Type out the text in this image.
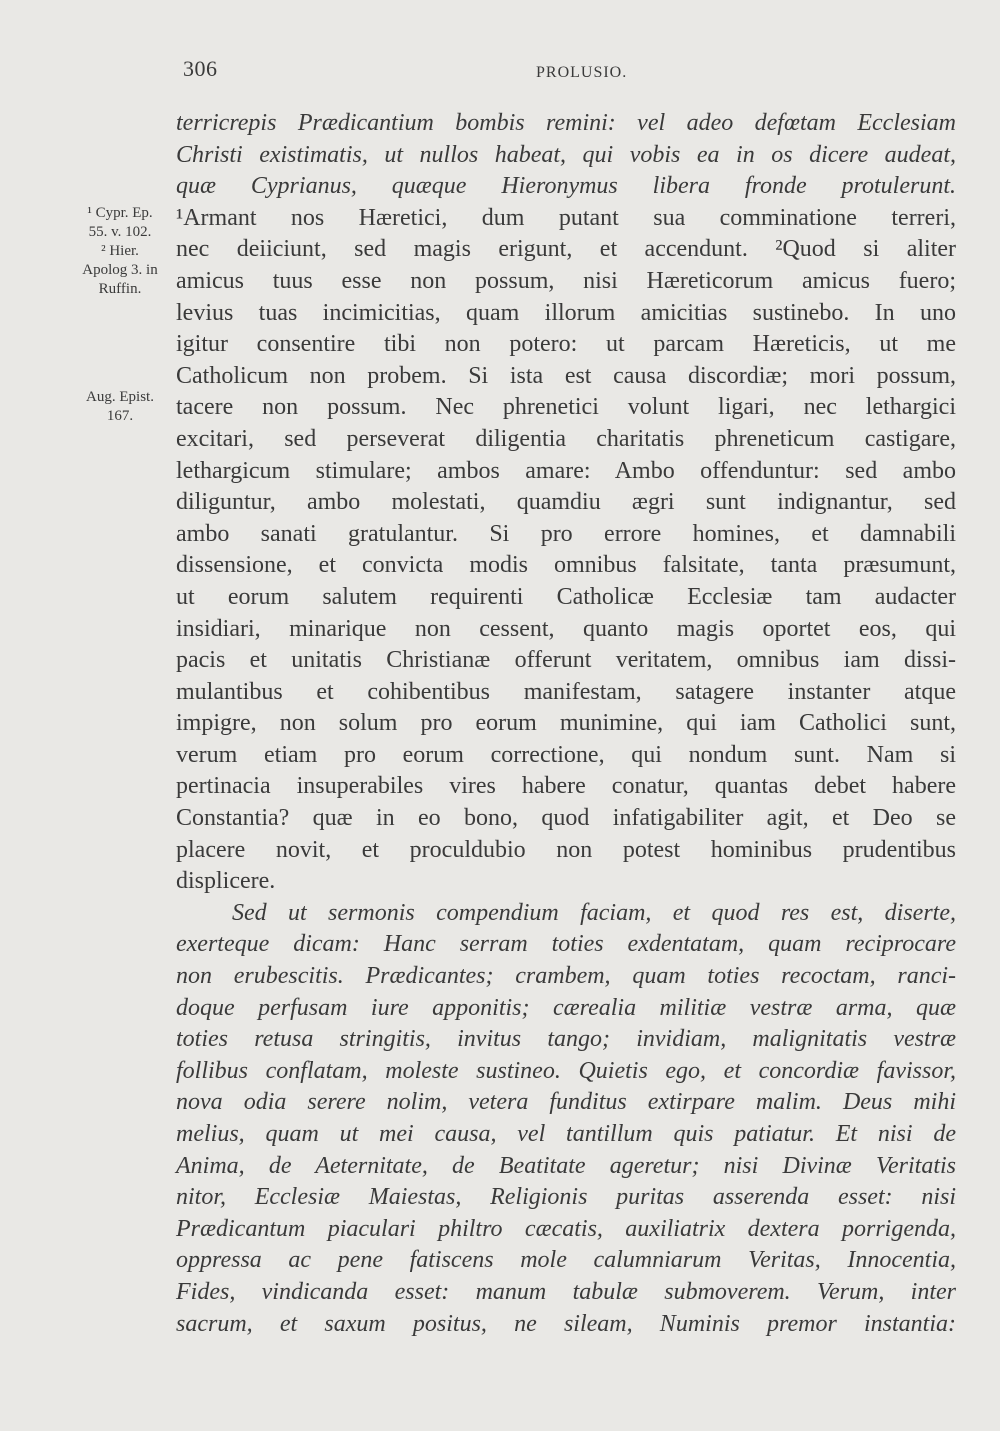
306	PROLUSIO.
¹ Cypr. Ep.
55. v. 102.
² Hier.
Apolog 3. in
Ruffin.
Aug. Epist.
167.
terricrepis Prædicantium bombis remini: vel adeo defœtam Ecclesiam
Christi existimatis, ut nullos habeat, qui vobis ea in os dicere audeat,
quæ Cyprianus, quæque Hieronymus libera fronde protulerunt.
¹Armant nos Hæretici, dum putant sua comminatione terreri,
nec deiiciunt, sed magis erigunt, et accendunt. ²Quod si aliter
amicus tuus esse non possum, nisi Hæreticorum amicus fuero;
levius tuas incimicitias, quam illorum amicitias sustinebo. In uno
igitur consentire tibi non potero: ut parcam Hæreticis, ut me
Catholicum non probem. Si ista est causa discordiæ; mori possum,
tacere non possum. Nec phrenetici volunt ligari, nec lethargici
excitari, sed perseverat diligentia charitatis phreneticum castigare,
lethargicum stimulare; ambos amare: Ambo offenduntur: sed ambo
diliguntur, ambo molestati, quamdiu ægri sunt indignantur, sed
ambo sanati gratulantur. Si pro errore homines, et damnabili
dissensione, et convicta modis omnibus falsitate, tanta præsumunt,
ut eorum salutem requirenti Catholicæ Ecclesiæ tam audacter
insidiari, minarique non cessent, quanto magis oportet eos, qui
pacis et unitatis Christianæ offerunt veritatem, omnibus iam dissi-
mulantibus et cohibentibus manifestam, satagere instanter atque
impigre, non solum pro eorum munimine, qui iam Catholici sunt,
verum etiam pro eorum correctione, qui nondum sunt. Nam si
pertinacia insuperabiles vires habere conatur, quantas debet habere
Constantia? quæ in eo bono, quod infatigabiliter agit, et Deo se
placere novit, et proculdubio non potest hominibus prudentibus
displicere.
Sed ut sermonis compendium faciam, et quod res est, diserte,
exerteque dicam: Hanc serram toties exdentatam, quam reciprocare
non erubescitis. Prædicantes; crambem, quam toties recoctam, ranci-
doque perfusam iure apponitis; cærealia militiæ vestræ arma, quæ
toties retusa stringitis, invitus tango; invidiam, malignitatis vestræ
follibus conflatam, moleste sustineo. Quietis ego, et concordiæ favissor,
nova odia serere nolim, vetera funditus extirpare malim. Deus mihi
melius, quam ut mei causa, vel tantillum quis patiatur. Et nisi de
Anima, de Aeternitate, de Beatitate ageretur; nisi Divinæ Veritatis
nitor, Ecclesiæ Maiestas, Religionis puritas asserenda esset: nisi
Prædicantum piaculari philtro cæcatis, auxiliatrix dextera porrigenda,
oppressa ac pene fatiscens mole calumniarum Veritas, Innocentia,
Fides, vindicanda esset: manum tabulæ submoverem. Verum, inter
sacrum, et saxum positus, ne sileam, Numinis premor instantia:
